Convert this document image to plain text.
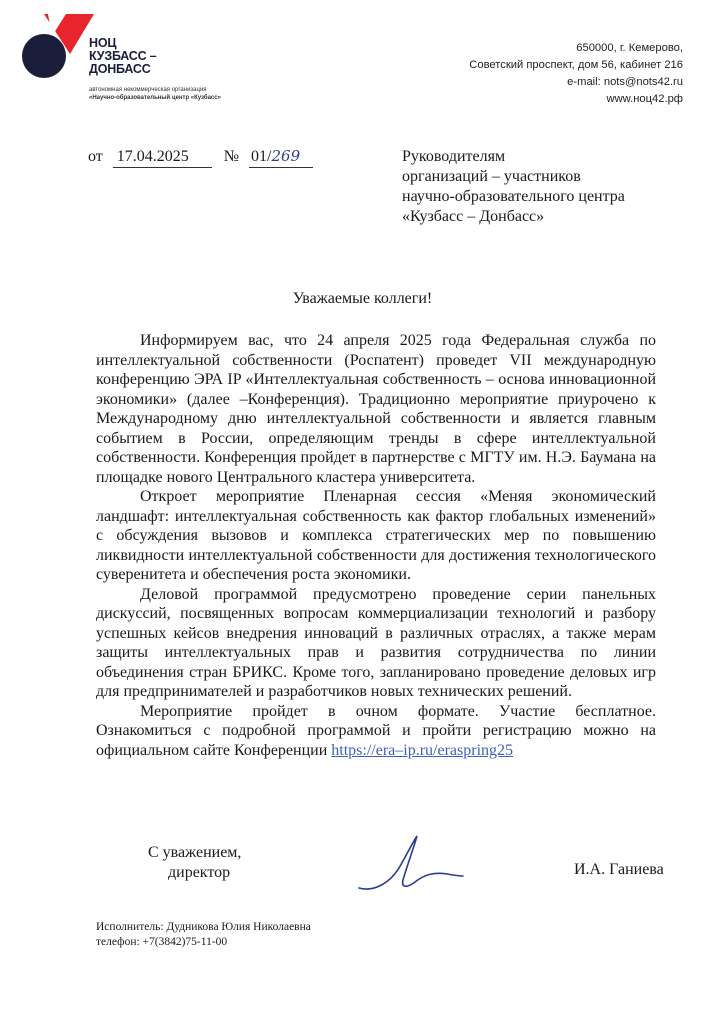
НОЦ
КУЗБАСС –
ДОНБАСС
автономная некоммерческая организация
«Научно-образовательный центр «Кузбасс»
650000, г. Кемерово,
Советский проспект, дом 56, кабинет 216
e-mail: nots@nots42.ru
www.ноц42.рф
от 17.04.2025 № 01/269	Руководителям
организаций – участников
научно-образовательного центра
«Кузбасс – Донбасс»
Уважаемые коллеги!

Информируем вас, что 24 апреля 2025 года Федеральная служба по интеллектуальной собственности (Роспатент) проведет VII международную конференцию ЭРА IP «Интеллектуальная собственность – основа инновационной экономики» (далее –Конференция). Традиционно мероприятие приурочено к Международному дню интеллектуальной собственности и является главным событием в России, определяющим тренды в сфере интеллектуальной собственности. Конференция пройдет в партнерстве с МГТУ им. Н.Э. Баумана на площадке нового Центрального кластера университета.

Откроет мероприятие Пленарная сессия «Меняя экономический ландшафт: интеллектуальная собственность как фактор глобальных изменений» с обсуждения вызовов и комплекса стратегических мер по повышению ликвидности интеллектуальной собственности для достижения технологического суверенитета и обеспечения роста экономики.

Деловой программой предусмотрено проведение серии панельных дискуссий, посвященных вопросам коммерциализации технологий и разбору успешных кейсов внедрения инноваций в различных отраслях, а также мерам защиты интеллектуальных прав и развития сотрудничества по линии объединения стран БРИКС. Кроме того, запланировано проведение деловых игр для предпринимателей и разработчиков новых технических решений.

Мероприятие пройдет в очном формате. Участие бесплатное. Ознакомиться с подробной программой и пройти регистрацию можно на официальном сайте Конференции https://era–ip.ru/eraspring25

С уважением,
директор	И.А. Ганиева
Исполнитель: Дудникова Юлия Николаевна
телефон: +7(3842)75-11-00
